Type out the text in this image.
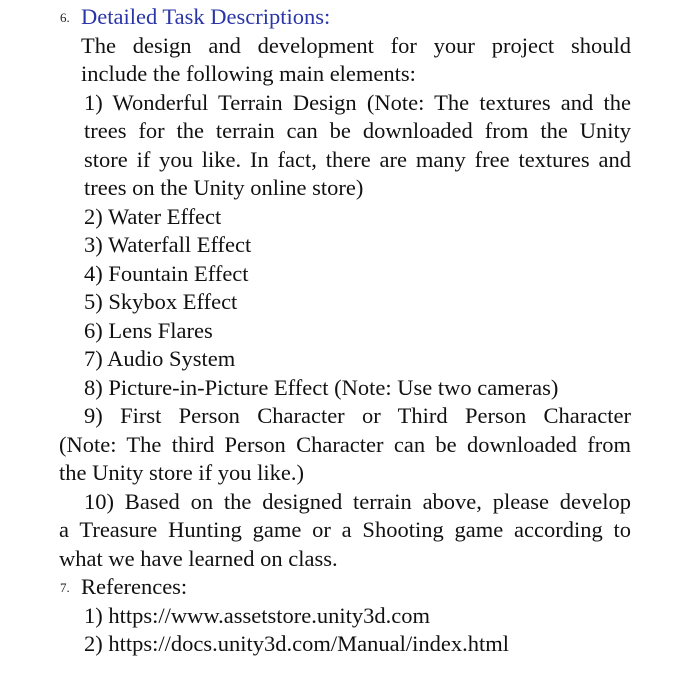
6. Detailed Task Descriptions:
The design and development for your project should
include the following main elements:
1) Wonderful Terrain Design (Note: The textures and the
trees for the terrain can be downloaded from the Unity
store if you like. In fact, there are many free textures and
trees on the Unity online store)
2) Water Effect
3) Waterfall Effect
4) Fountain Effect
5) Skybox Effect
6) Lens Flares
7) Audio System
8) Picture-in-Picture Effect (Note: Use two cameras)
9) First Person Character or Third Person Character
(Note: The third Person Character can be downloaded from
the Unity store if you like.)
10) Based on the designed terrain above, please develop
a Treasure Hunting game or a Shooting game according to
what we have learned on class.
7. References:
1) https://www.assetstore.unity3d.com
2) https://docs.unity3d.com/Manual/index.html
